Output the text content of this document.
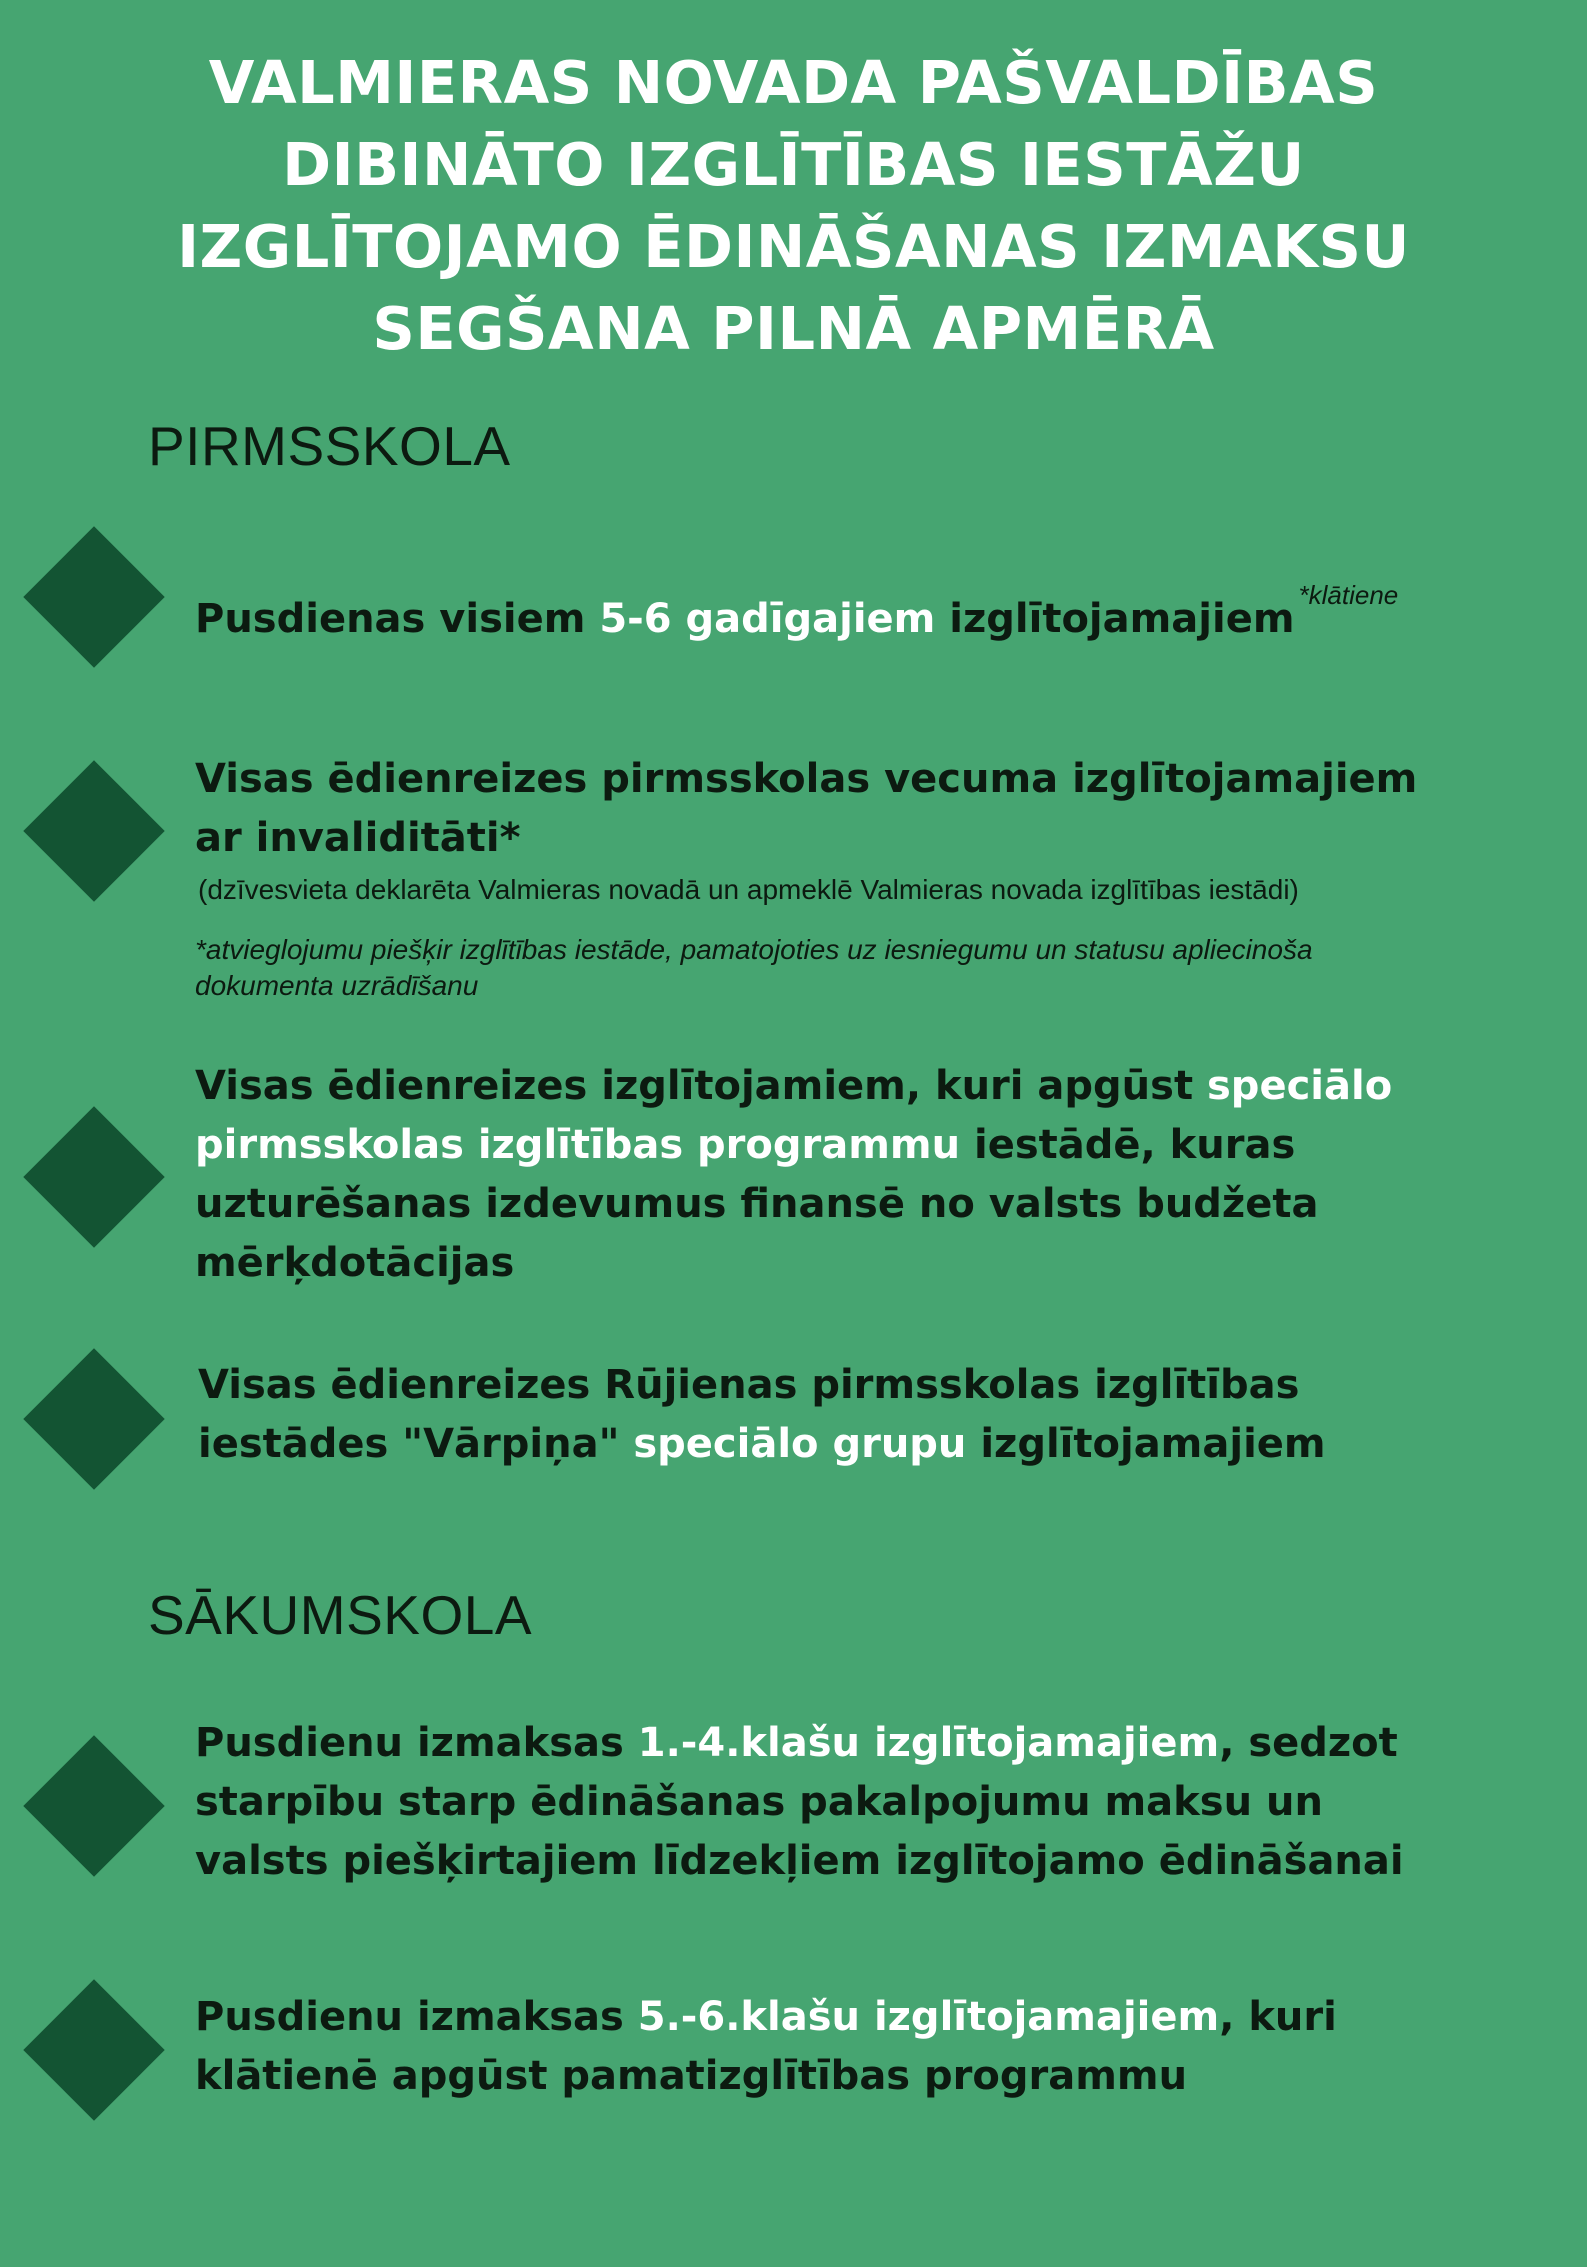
VALMIERAS NOVADA PAŠVALDĪBAS
DIBINĀTO IZGLĪTĪBAS IESTĀŽU
IZGLĪTOJAMO ĒDINĀŠANAS IZMAKSU
SEGŠANA PILNĀ APMĒRĀ
PIRMSSKOLA
Pusdienas visiem 5-6 gadīgajiem izglītojamajiem$^{*klātiene}$
Visas ēdienreizes pirmsskolas vecuma izglītojamajiem
ar invaliditāti*
(dzīvesvieta deklarēta Valmieras novadā un apmeklē Valmieras novada izglītības iestādi)
*atvieglojumu piešķir izglītības iestāde, pamatojoties uz iesniegumu un statusu apliecinoša
dokumenta uzrādīšanu
Visas ēdienreizes izglītojamiem, kuri apgūst speciālo
pirmsskolas izglītības programmu iestādē, kuras
uzturēšanas izdevumus finansē no valsts budžeta
mērķdotācijas
Visas ēdienreizes Rūjienas pirmsskolas izglītības
iestādes "Vārpiņa" speciālo grupu izglītojamajiem
SĀKUMSKOLA
Pusdienu izmaksas 1.-4.klašu izglītojamajiem, sedzot
starpību starp ēdināšanas pakalpojumu maksu un
valsts piešķirtajiem līdzekļiem izglītojamo ēdināšanai
Pusdienu izmaksas 5.-6.klašu izglītojamajiem, kuri
klātienē apgūst pamatizglītības programmu
